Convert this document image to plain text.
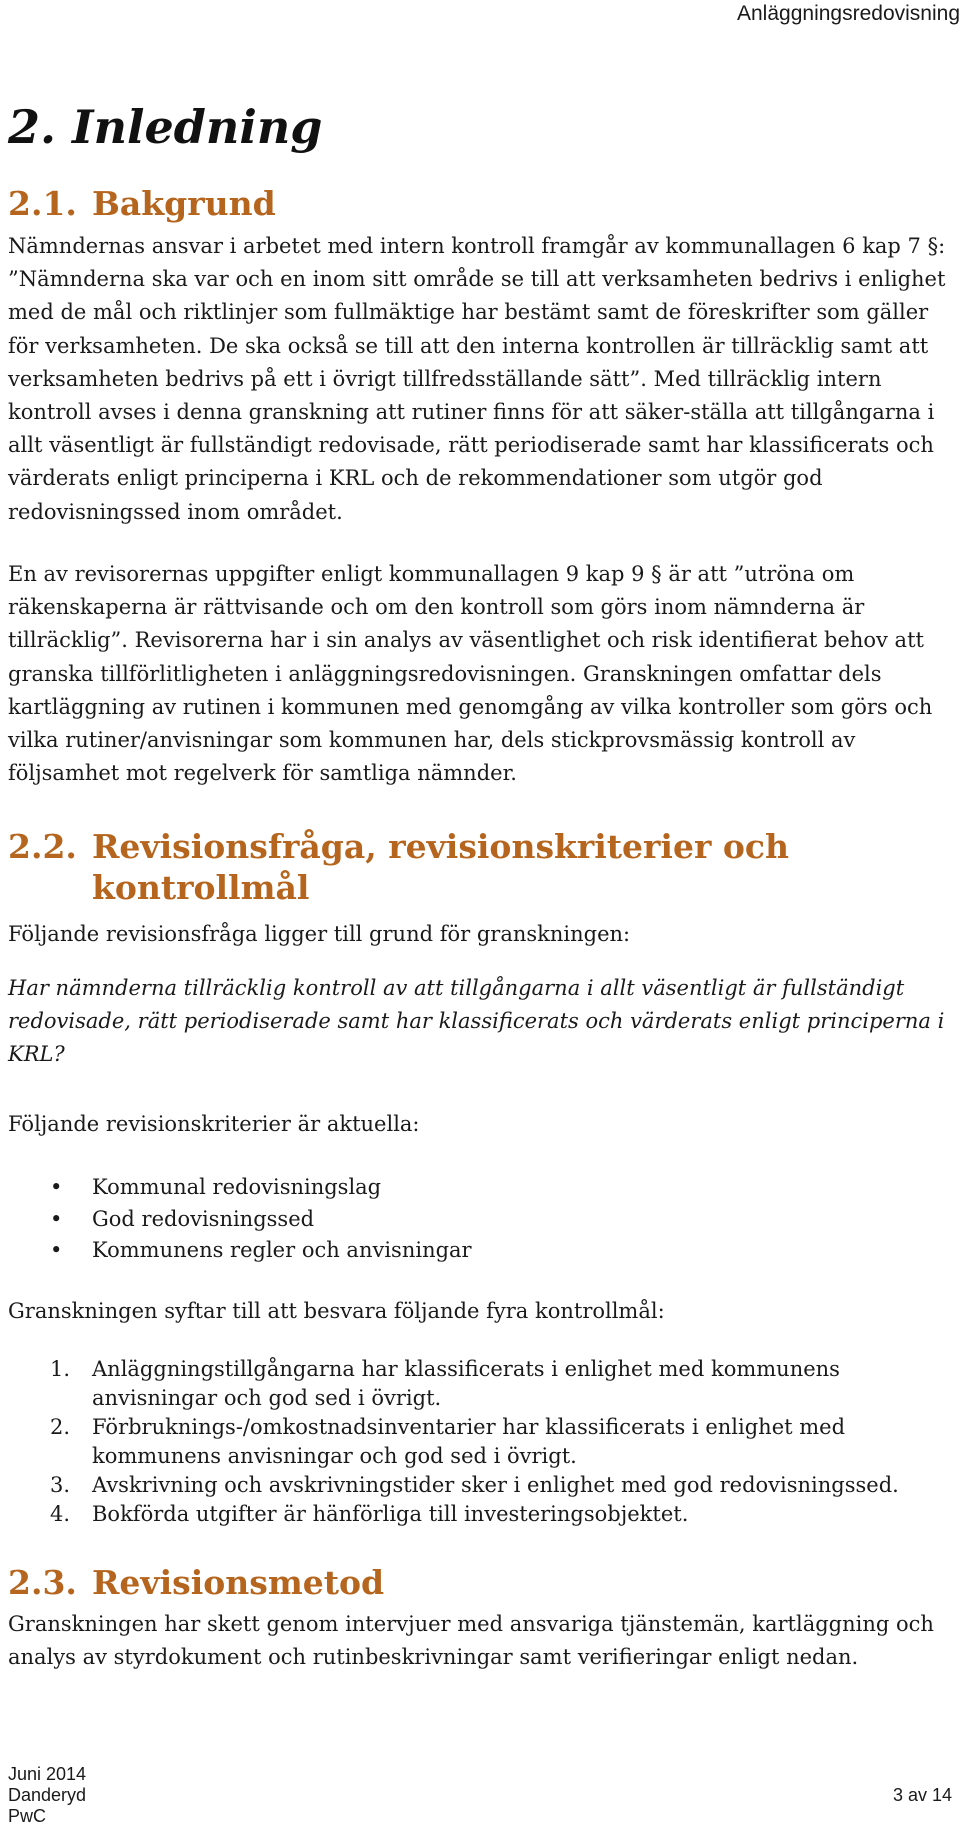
Anläggningsredovisning
2. Inledning
2.1. Bakgrund

Nämndernas ansvar i arbetet med intern kontroll framgår av kommunallagen 6 kap 7 §: ”Nämnderna ska var och en inom sitt område se till att verksamheten bedrivs i enlighet med de mål och riktlinjer som fullmäktige har bestämt samt de föreskrifter som gäller för verksamheten. De ska också se till att den interna kontrollen är tillräcklig samt att verksamheten bedrivs på ett i övrigt tillfredsställande sätt”. Med tillräcklig intern kontroll avses i denna granskning att rutiner finns för att säker-ställa att tillgångarna i allt väsentligt är fullständigt redovisade, rätt periodiserade samt har klassificerats och värderats enligt principerna i KRL och de rekommendationer som utgör god redovisningssed inom området.

En av revisorernas uppgifter enligt kommunallagen 9 kap 9 § är att ”utröna om räkenskaperna är rättvisande och om den kontroll som görs inom nämnderna är tillräcklig”. Revisorerna har i sin analys av väsentlighet och risk identifierat behov att granska tillförlitligheten i anläggningsredovisningen. Granskningen omfattar dels kartläggning av rutinen i kommunen med genomgång av vilka kontroller som görs och vilka rutiner/anvisningar som kommunen har, dels stickprovsmässig kontroll av följsamhet mot regelverk för samtliga nämnder.

2.2. Revisionsfråga, revisionskriterier och kontrollmål

Följande revisionsfråga ligger till grund för granskningen:

Har nämnderna tillräcklig kontroll av att tillgångarna i allt väsentligt är fullständigt redovisade, rätt periodiserade samt har klassificerats och värderats enligt principerna i KRL?

Följande revisionskriterier är aktuella:

• Kommunal redovisningslag
• God redovisningssed
• Kommunens regler och anvisningar

Granskningen syftar till att besvara följande fyra kontrollmål:

1. Anläggningstillgångarna har klassificerats i enlighet med kommunens anvisningar och god sed i övrigt.
2. Förbruknings-/omkostnadsinventarier har klassificerats i enlighet med kommunens anvisningar och god sed i övrigt.
3. Avskrivning och avskrivningstider sker i enlighet med god redovisningssed.
4. Bokförda utgifter är hänförliga till investeringsobjektet.
2.3. Revisionsmetod

Granskningen har skett genom intervjuer med ansvariga tjänstemän, kartläggning och analys av styrdokument och rutinbeskrivningar samt verifieringar enligt nedan.

Juni 2014
Danderyd
PwC
3 av 14
